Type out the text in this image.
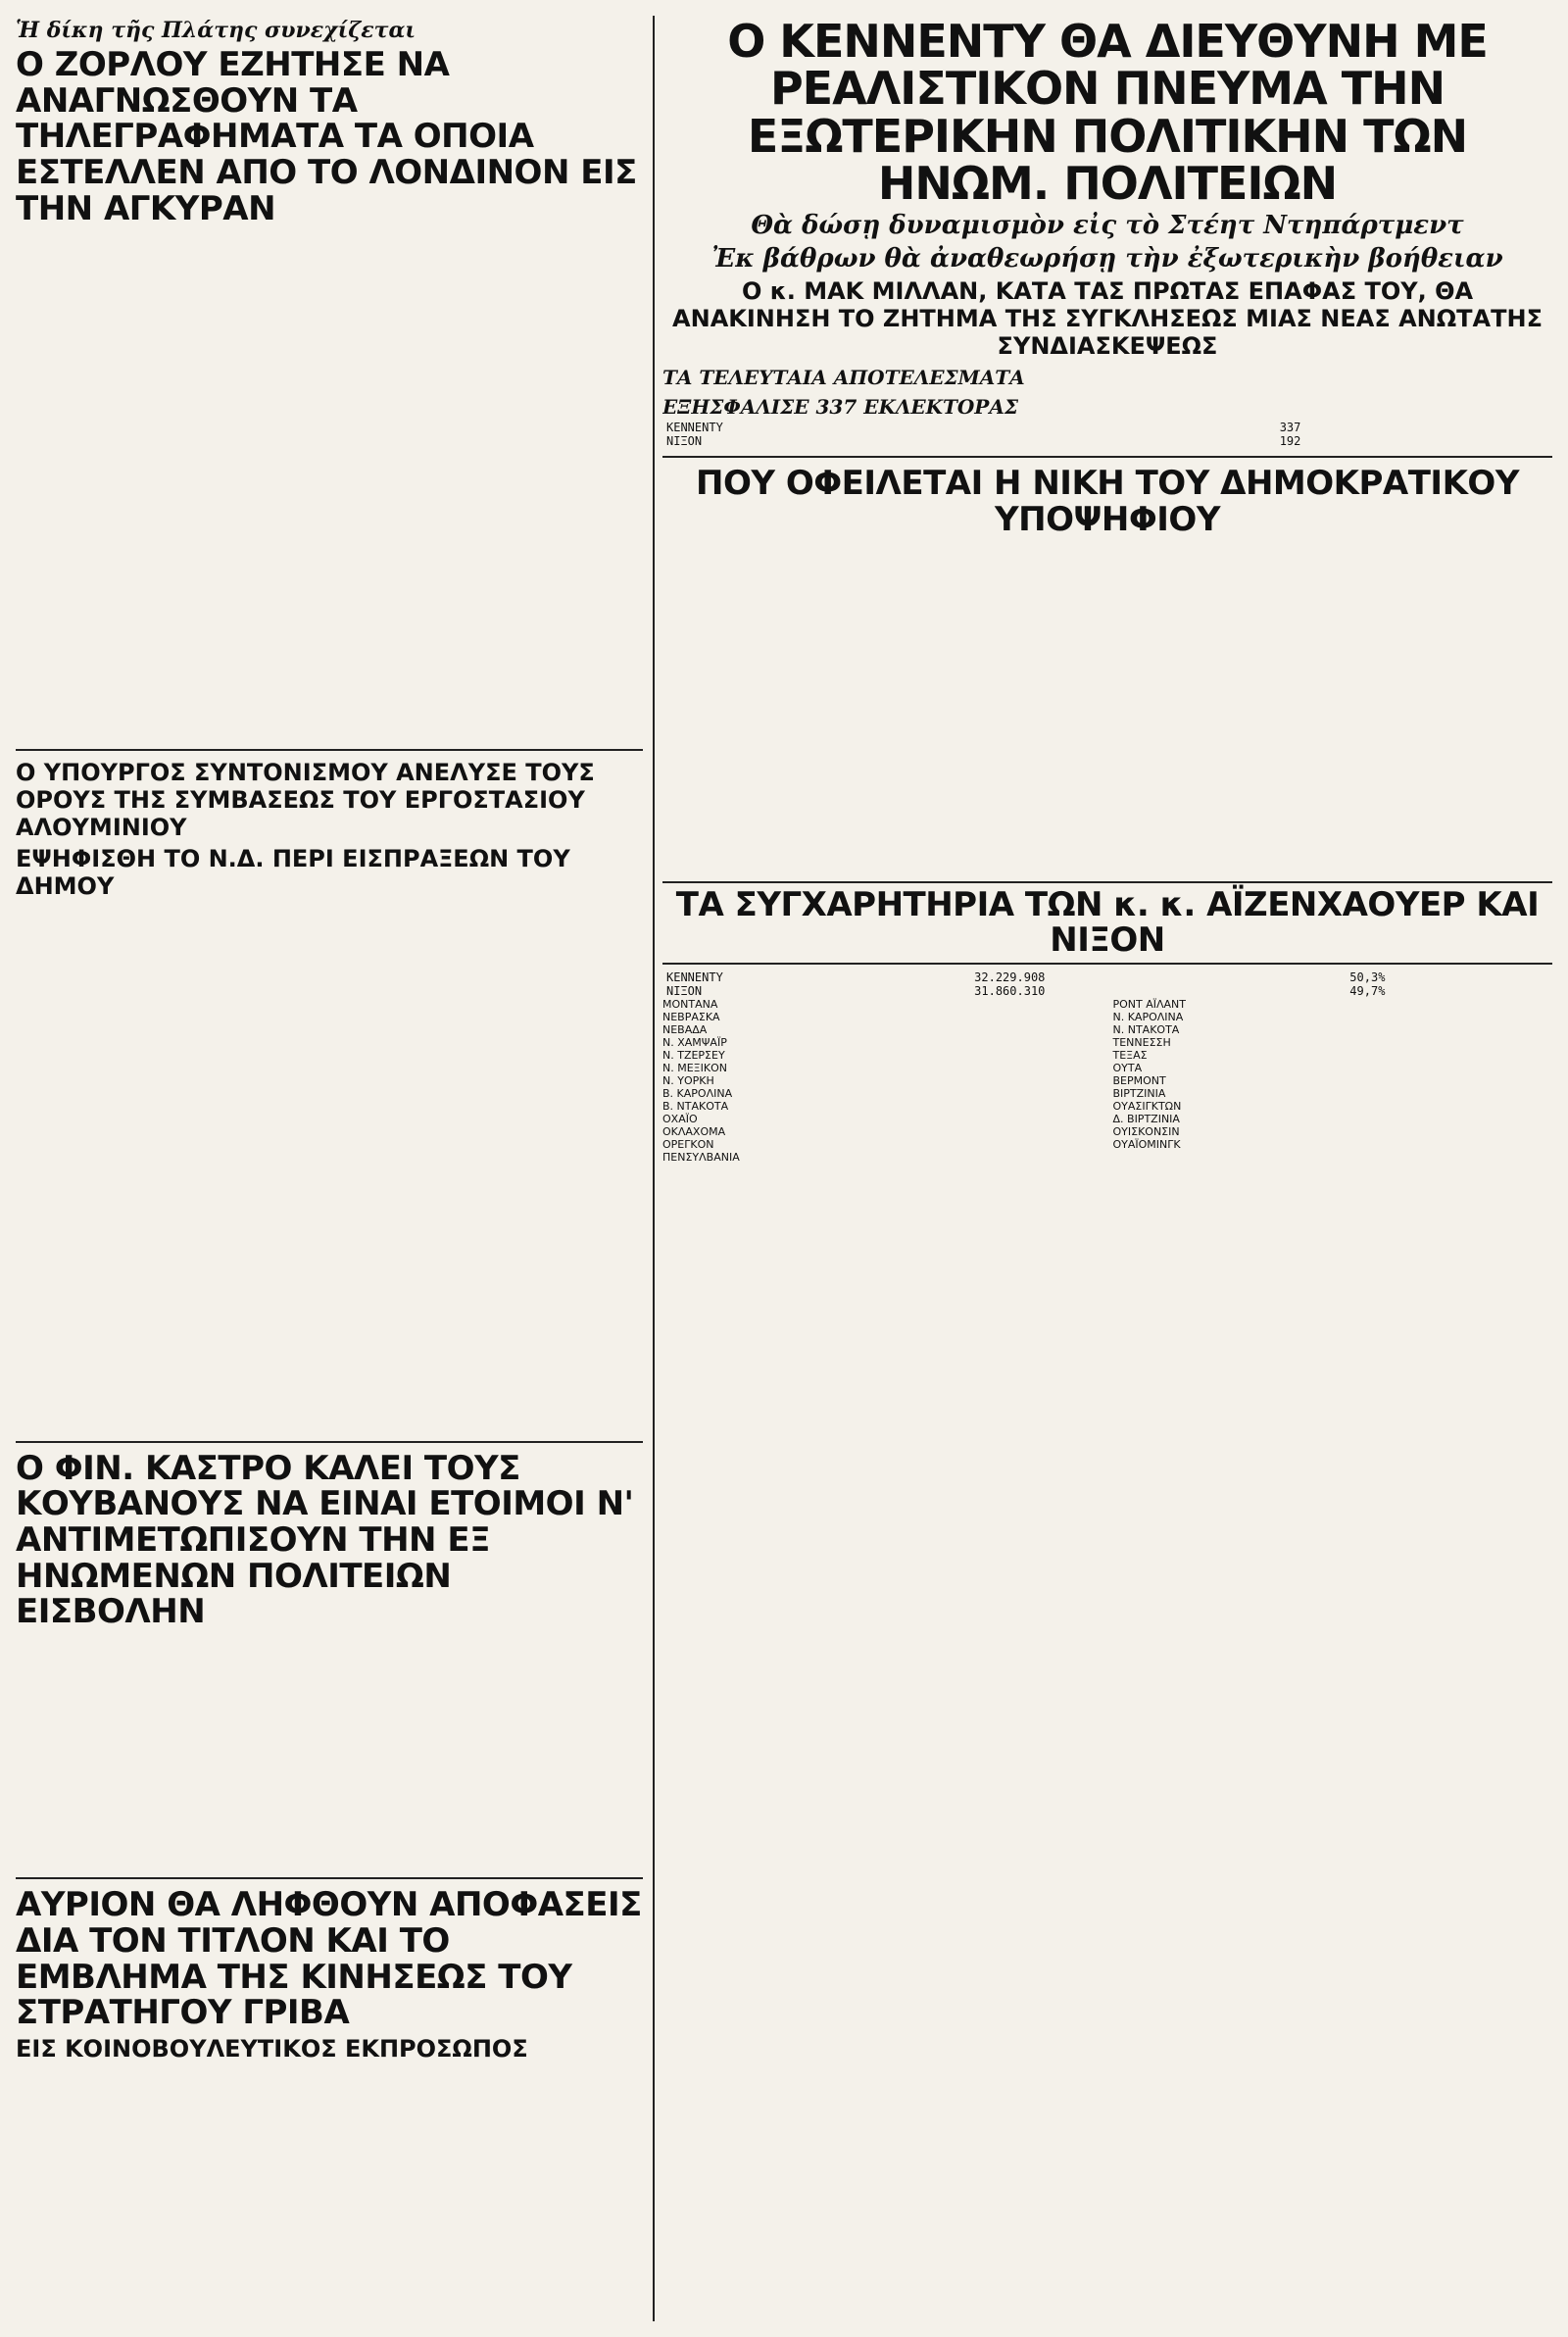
Ἡ δίκη τῆς Πλάτης συνεχίζεται
Ο ΖΟΡΛΟΥ ΕΖΗΤΗΣΕ ΝΑ ΑΝΑΓΝΩΣΘΟΥΝ ΤΑ ΤΗΛΕΓΡΑΦΗΜΑΤΑ ΤΑ ΟΠΟΙΑ ΕΣΤΕΛΛΕΝ ΑΠΟ ΤΟ ΛΟΝΔΙΝΟΝ ΕΙΣ ΤΗΝ ΑΓΚΥΡΑΝ
Ο ΥΠΟΥΡΓΟΣ ΣΥΝΤΟΝΙΣΜΟΥ ΑΝΕΛΥΣΕ ΤΟΥΣ ΟΡΟΥΣ ΤΗΣ ΣΥΜΒΑΣΕΩΣ ΤΟΥ ΕΡΓΟΣΤΑΣΙΟΥ ΑΛΟΥΜΙΝΙΟΥ
ΕΨΗΦΙΣΘΗ ΤΟ Ν.Δ. ΠΕΡΙ ΕΙΣΠΡΑΞΕΩΝ ΤΟΥ ΔΗΜΟΥ
Ο ΦΙΝ. ΚΑΣΤΡΟ ΚΑΛΕΙ ΤΟΥΣ ΚΟΥΒΑΝΟΥΣ ΝΑ ΕΙΝΑΙ ΕΤΟΙΜΟΙ Ν' ΑΝΤΙΜΕΤΩΠΙΣΟΥΝ ΤΗΝ ΕΞ ΗΝΩΜΕΝΩΝ ΠΟΛΙΤΕΙΩΝ ΕΙΣΒΟΛΗΝ
ΑΥΡΙΟΝ ΘΑ ΛΗΦΘΟΥΝ ΑΠΟΦΑΣΕΙΣ ΔΙΑ ΤΟΝ ΤΙΤΛΟΝ ΚΑΙ ΤΟ ΕΜΒΛΗΜΑ ΤΗΣ ΚΙΝΗΣΕΩΣ ΤΟΥ ΣΤΡΑΤΗΓΟΥ ΓΡΙΒΑ
ΕΙΣ ΚΟΙΝΟΒΟΥΛΕΥΤΙΚΟΣ ΕΚΠΡΟΣΩΠΟΣ
Ο ΚΕΝΝΕΝΤΥ ΘΑ ΔΙΕΥΘΥΝΗ ΜΕ ΡΕΑΛΙΣΤΙΚΟΝ ΠΝΕΥΜΑ ΤΗΝ ΕΞΩΤΕΡΙΚΗΝ ΠΟΛΙΤΙΚΗΝ ΤΩΝ ΗΝΩΜ. ΠΟΛΙΤΕΙΩΝ
Θὰ δώσῃ δυναμισμὸν εἰς τὸ Στέητ Ντηπάρτμεντ
Ἐκ βάθρων θὰ ἀναθεωρήσῃ τὴν ἐξωτερικὴν βοήθειαν
Ο κ. ΜΑΚ ΜΙΛΛΑΝ, ΚΑΤΑ ΤΑΣ ΠΡΩΤΑΣ ΕΠΑΦΑΣ ΤΟΥ, ΘΑ ΑΝΑΚΙΝΗΣΗ ΤΟ ΖΗΤΗΜΑ ΤΗΣ ΣΥΓΚΛΗΣΕΩΣ ΜΙΑΣ ΝΕΑΣ ΑΝΩΤΑΤΗΣ ΣΥΝΔΙΑΣΚΕΨΕΩΣ
ΤΑ ΤΕΛΕΥΤΑΙΑ ΑΠΟΤΕΛΕΣΜΑΤΑ
ΕΞΗΣΦΑΛΙΣΕ 337 ΕΚΛΕΚΤΟΡΑΣ
ΚΕΝΝΕΝΤΥ	337
ΝΙΞΟΝ	192
ΠΟΥ ΟΦΕΙΛΕΤΑΙ Η ΝΙΚΗ ΤΟΥ ΔΗΜΟΚΡΑΤΙΚΟΥ ΥΠΟΨΗΦΙΟΥ
ΤΑ ΣΥΓΧΑΡΗΤΗΡΙΑ ΤΩΝ κ. κ. ΑΪΖΕΝΧΑΟΥΕΡ ΚΑΙ ΝΙΞΟΝ
ΚΕΝΝΕΝΤΥ	32.229.908	50,3%
ΝΙΞΟΝ	31.860.310	49,7%
ΜΟΝΤΑΝΑ
ΝΕΒΡΑΣΚΑ
ΝΕΒΑΔΑ
Ν. ΧΑΜΨΑΪΡ
Ν. ΤΖΕΡΣΕΥ
Ν. ΜΕΞΙΚΟΝ
Ν. ΥΟΡΚΗ
Β. ΚΑΡΟΛΙΝΑ
Β. ΝΤΑΚΟΤΑ
ΟΧΑΪΟ
ΟΚΛΑΧΟΜΑ
ΟΡΕΓΚΟΝ
ΠΕΝΣΥΛΒΑΝΙΑ
ΡΟΝΤ ΑΪΛΑΝΤ
Ν. ΚΑΡΟΛΙΝΑ
Ν. ΝΤΑΚΟΤΑ
ΤΕΝΝΕΣΣΗ
ΤΕΞΑΣ
ΟΥΤΑ
ΒΕΡΜΟΝΤ
ΒΙΡΤΖΙΝΙΑ
ΟΥΑΣΙΓΚΤΩΝ
Δ. ΒΙΡΤΖΙΝΙΑ
ΟΥΙΣΚΟΝΣΙΝ
ΟΥΑΪΟΜΙΝΓΚ
